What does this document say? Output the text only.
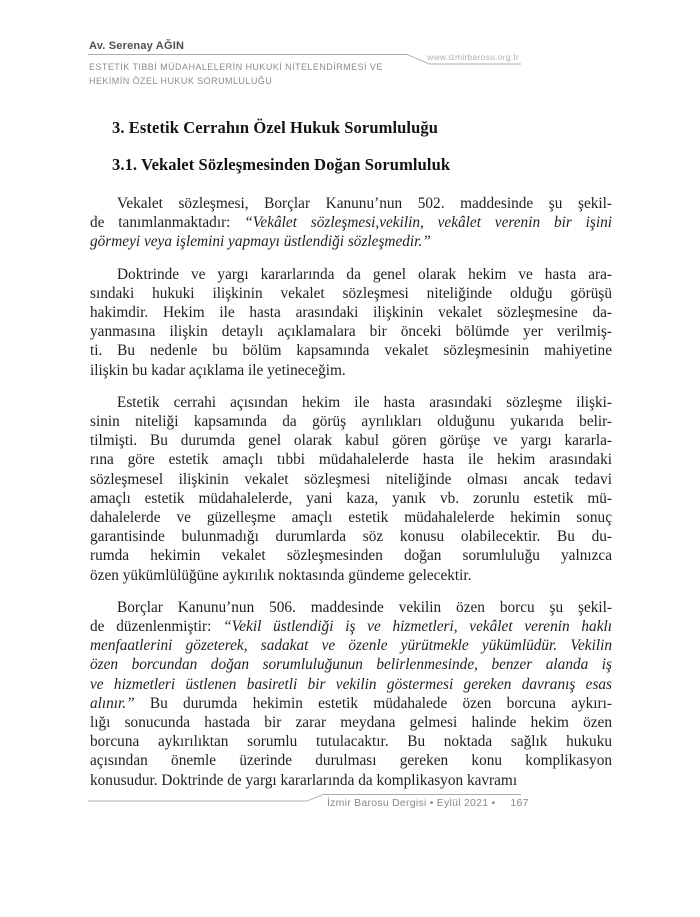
Av. Serenay AĞIN
www.izmirbarosu.org.tr
ESTETİK TIBBİ MÜDAHALELERİN HUKUKİ NİTELENDİRMESİ VE
HEKİMİN ÖZEL HUKUK SORUMLULUĞU
3. Estetik Cerrahın Özel Hukuk Sorumluluğu
3.1. Vekalet Sözleşmesinden Doğan Sorumluluk
Vekalet sözleşmesi, Borçlar Kanunu’nun 502. maddesinde şu şekil-
de tanımlanmaktadır: “Vekâlet sözleşmesi,vekilin, vekâlet verenin bir işini
görmeyi veya işlemini yapmayı üstlendiği sözleşmedir.”
Doktrinde ve yargı kararlarında da genel olarak hekim ve hasta ara-
sındaki hukuki ilişkinin vekalet sözleşmesi niteliğinde olduğu görüşü
hakimdir. Hekim ile hasta arasındaki ilişkinin vekalet sözleşmesine da-
yanmasına ilişkin detaylı açıklamalara bir önceki bölümde yer verilmiş-
ti. Bu nedenle bu bölüm kapsamında vekalet sözleşmesinin mahiyetine
ilişkin bu kadar açıklama ile yetineceğim.
Estetik cerrahi açısından hekim ile hasta arasındaki sözleşme ilişki-
sinin niteliği kapsamında da görüş ayrılıkları olduğunu yukarıda belir-
tilmişti. Bu durumda genel olarak kabul gören görüşe ve yargı kararla-
rına göre estetik amaçlı tıbbi müdahalelerde hasta ile hekim arasındaki
sözleşmesel ilişkinin vekalet sözleşmesi niteliğinde olması ancak tedavi
amaçlı estetik müdahalelerde, yani kaza, yanık vb. zorunlu estetik mü-
dahalelerde ve güzelleşme amaçlı estetik müdahalelerde hekimin sonuç
garantisinde bulunmadığı durumlarda söz konusu olabilecektir. Bu du-
rumda hekimin vekalet sözleşmesinden doğan sorumluluğu yalnızca
özen yükümlülüğüne aykırılık noktasında gündeme gelecektir.
Borçlar Kanunu’nun 506. maddesinde vekilin özen borcu şu şekil-
de düzenlenmiştir: “Vekil üstlendiği iş ve hizmetleri, vekâlet verenin haklı
menfaatlerini gözeterek, sadakat ve özenle yürütmekle yükümlüdür. Vekilin
özen borcundan doğan sorumluluğunun belirlenmesinde, benzer alanda iş
ve hizmetleri üstlenen basiretli bir vekilin göstermesi gereken davranış esas
alınır.” Bu durumda hekimin estetik müdahalede özen borcuna aykırı-
lığı sonucunda hastada bir zarar meydana gelmesi halinde hekim özen
borcuna aykırılıktan sorumlu tutulacaktır. Bu noktada sağlık hukuku
açısından önemle üzerinde durulması gereken konu komplikasyon
konusudur. Doktrinde de yargı kararlarında da komplikasyon kavramı
İzmir Barosu Dergisi • Eylül 2021 • 167
